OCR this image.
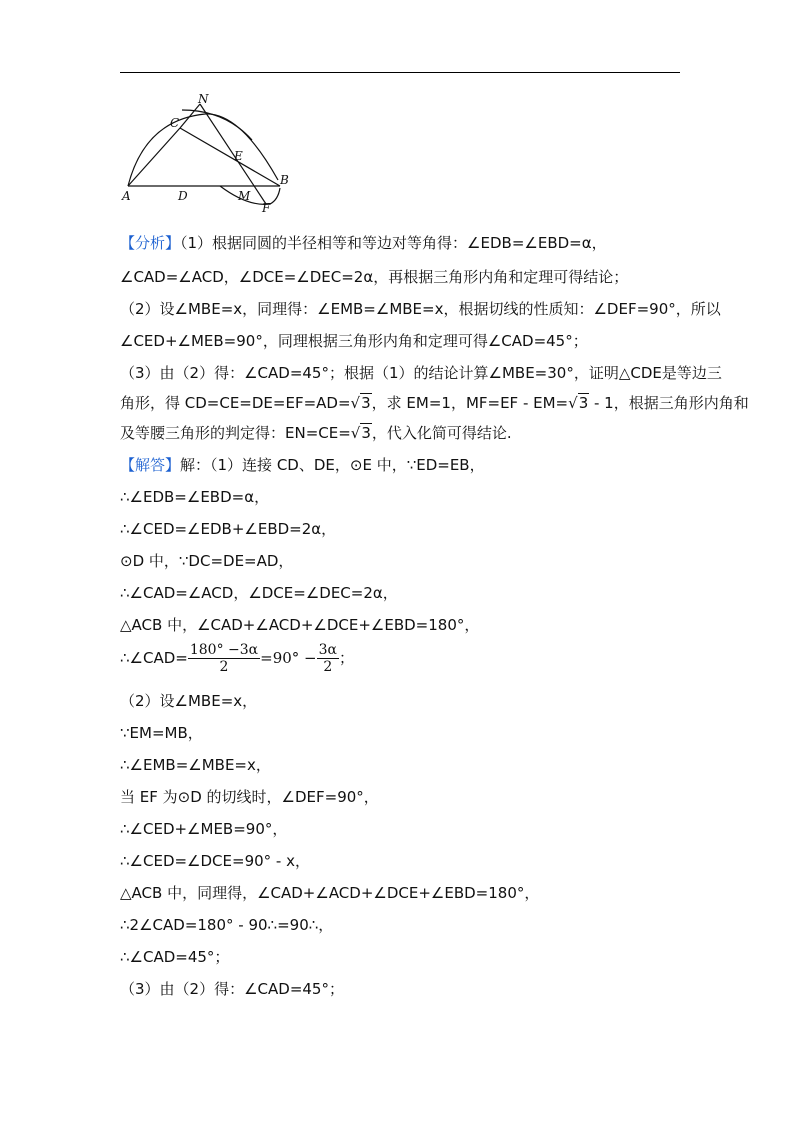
N
C
E
B
A	D	M
F
【分析】（1）根据同圆的半径相等和等边对等角得：∠EDB=∠EBD=α，
∠CAD=∠ACD，∠DCE=∠DEC=2α，再根据三角形内角和定理可得结论；
（2）设∠MBE=x，同理得：∠EMB=∠MBE=x，根据切线的性质知：∠DEF=90°，所以
∠CED+∠MEB=90°，同理根据三角形内角和定理可得∠CAD=45°；
（3）由（2）得：∠CAD=45°；根据（1）的结论计算∠MBE=30°，证明△CDE是等边三
角形，得 CD=CE=DE=EF=AD=√3，求 EM=1，MF=EF - EM=√3 - 1，根据三角形内角和
及等腰三角形的判定得：EN=CE=√3，代入化简可得结论.
【解答】解：（1）连接 CD、DE，⊙E 中，∵ED=EB，
∴∠EDB=∠EBD=α，
∴∠CED=∠EDB+∠EBD=2α，
⊙D 中，∵DC=DE=AD，
∴∠CAD=∠ACD，∠DCE=∠DEC=2α，
△ACB 中，∠CAD+∠ACD+∠DCE+∠EBD=180°，
∴∠CAD= $\frac{180^\circ -3\alpha}{2} =90^\circ - \frac{3\alpha}{2}$ ；
（2）设∠MBE=x，
∵EM=MB，
∴∠EMB=∠MBE=x，
当 EF 为⊙D 的切线时，∠DEF=90°，
∴∠CED+∠MEB=90°，
∴∠CED=∠DCE=90° - x，
△ACB 中，同理得，∠CAD+∠ACD+∠DCE+∠EBD=180°，
∴2∠CAD=180° - 90∴=90∴，
∴∠CAD=45°；
（3）由（2）得：∠CAD=45°；
